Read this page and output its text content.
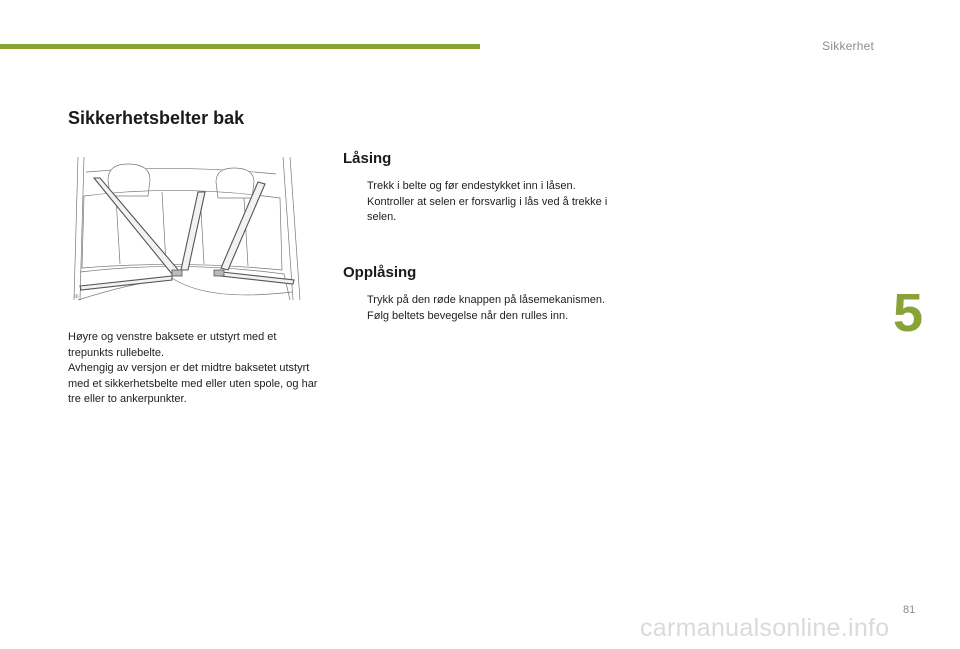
Sikkerhet
Sikkerhetsbelter bak
⊕

Høyre og venstre baksete er utstyrt med et trepunkts rullebelte.

Avhengig av versjon er det midtre baksetet utstyrt med et sikkerhetsbelte med eller uten spole, og har tre eller to ankerpunkter.

Låsing
Trekk i belte og før endestykket inn i låsen.
Kontroller at selen er forsvarlig i lås ved å trekke i selen.
Opplåsing
Trykk på den røde knappen på låsemekanismen.
Følg beltets bevegelse når den rulles inn.	5
81
carmanualsonline.info
